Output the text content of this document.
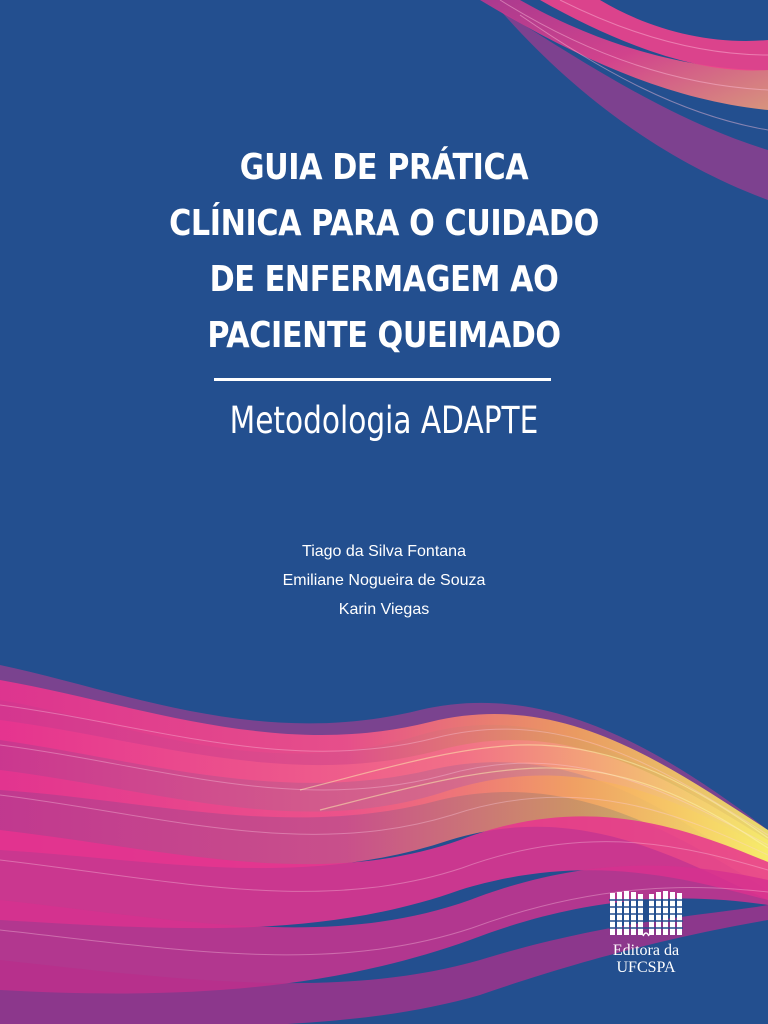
GUIA DE PRÁTICA
CLÍNICA PARA O CUIDADO
DE ENFERMAGEM AO
PACIENTE QUEIMADO
Metodologia ADAPTE
Tiago da Silva Fontana
Emiliane Nogueira de Souza
Karin Viegas
Editora da
UFCSPA
